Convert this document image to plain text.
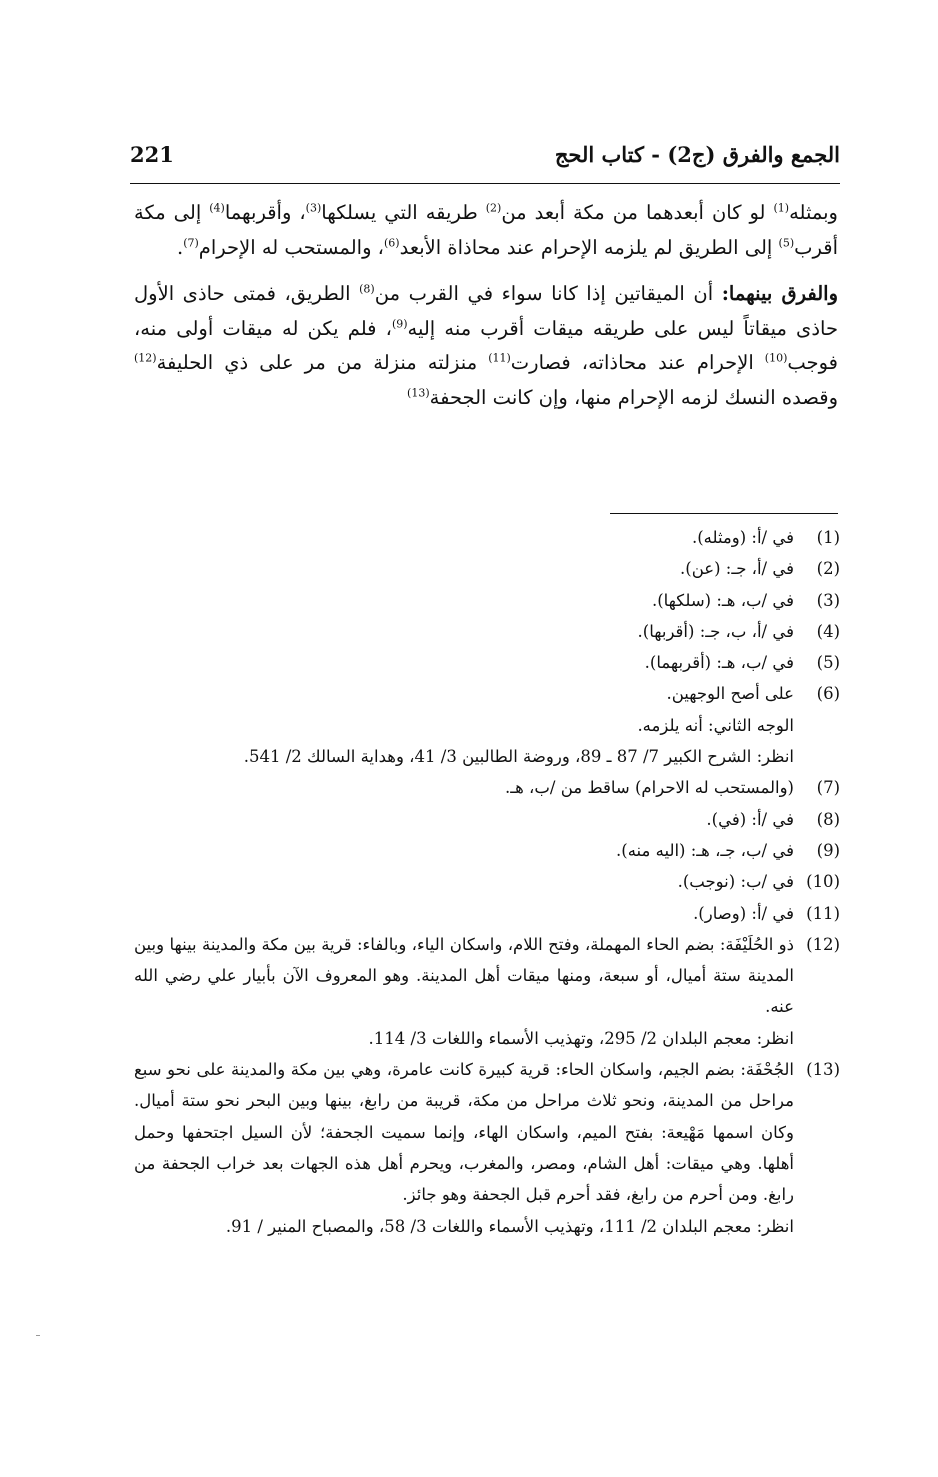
الجمع والفرق (ج2) - كتاب الحج
221

وبمثله$^{(1)}$ لو كان أبعدهما من مكة أبعد من$^{(2)}$ طريقه التي يسلكها$^{(3)}$، وأقربهما$^{(4)}$ إلى مكة أقرب$^{(5)}$ إلى الطريق لم يلزمه الإحرام عند محاذاة الأبعد$^{(6)}$، والمستحب له الإحرام$^{(7)}$.

والفرق بينهما: أن الميقاتين إذا كانا سواء في القرب من$^{(8)}$ الطريق، فمتى حاذى الأول حاذى ميقاتاً ليس على طريقه ميقات أقرب منه إليه$^{(9)}$، فلم يكن له ميقات أولى منه، فوجب$^{(10)}$ الإحرام عند محاذاته، فصارت$^{(11)}$ منزلته منزلة من مر على ذي الحليفة$^{(12)}$ وقصده النسك لزمه الإحرام منها، وإن كانت الجحفة$^{(13)}$

(1)
في /أ: (ومثله).
(2)
في /أ، جـ: (عن).
(3)
في /ب، هـ: (سلكها).
(4)
في /أ، ب، جـ: (أقربها).
(5)
في /ب، هـ: (أقربهما).
(6)
على أصح الوجهين.
الوجه الثاني: أنه يلزمه.
انظر: الشرح الكبير 7/ 87 ـ 89، وروضة الطالبين 3/ 41، وهداية السالك 2/ 541.
(7)
(والمستحب له الاحرام) ساقط من /ب، هـ.
(8)
في /أ: (في).
(9)
في /ب، جـ، هـ: (اليه منه).
(10)
في /ب: (نوجب).
(11)
في /أ: (وصار).
(12)
ذو الحُلَيْفَة: بضم الحاء المهملة، وفتح اللام، واسكان الياء، وبالفاء: قرية بين مكة والمدينة بينها وبين المدينة ستة أميال، أو سبعة، ومنها ميقات أهل المدينة. وهو المعروف الآن بأبيار علي رضي الله عنه.
انظر: معجم البلدان 2/ 295، وتهذيب الأسماء واللغات 3/ 114.
(13)
الجُحْفَة: بضم الجيم، واسكان الحاء: قرية كبيرة كانت عامرة، وهي بين مكة والمدينة على نحو سبع مراحل من المدينة، ونحو ثلاث مراحل من مكة، قريبة من رابغ، بينها وبين البحر نحو ستة أميال. وكان اسمها مَهْيعة: بفتح الميم، واسكان الهاء، وإنما سميت الجحفة؛ لأن السيل اجتحفها وحمل أهلها. وهي ميقات: أهل الشام، ومصر، والمغرب، ويحرم أهل هذه الجهات بعد خراب الجحفة من رابغ. ومن أحرم من رابغ، فقد أحرم قبل الجحفة وهو جائز.
انظر: معجم البلدان 2/ 111، وتهذيب الأسماء واللغات 3/ 58، والمصباح المنير / 91.
